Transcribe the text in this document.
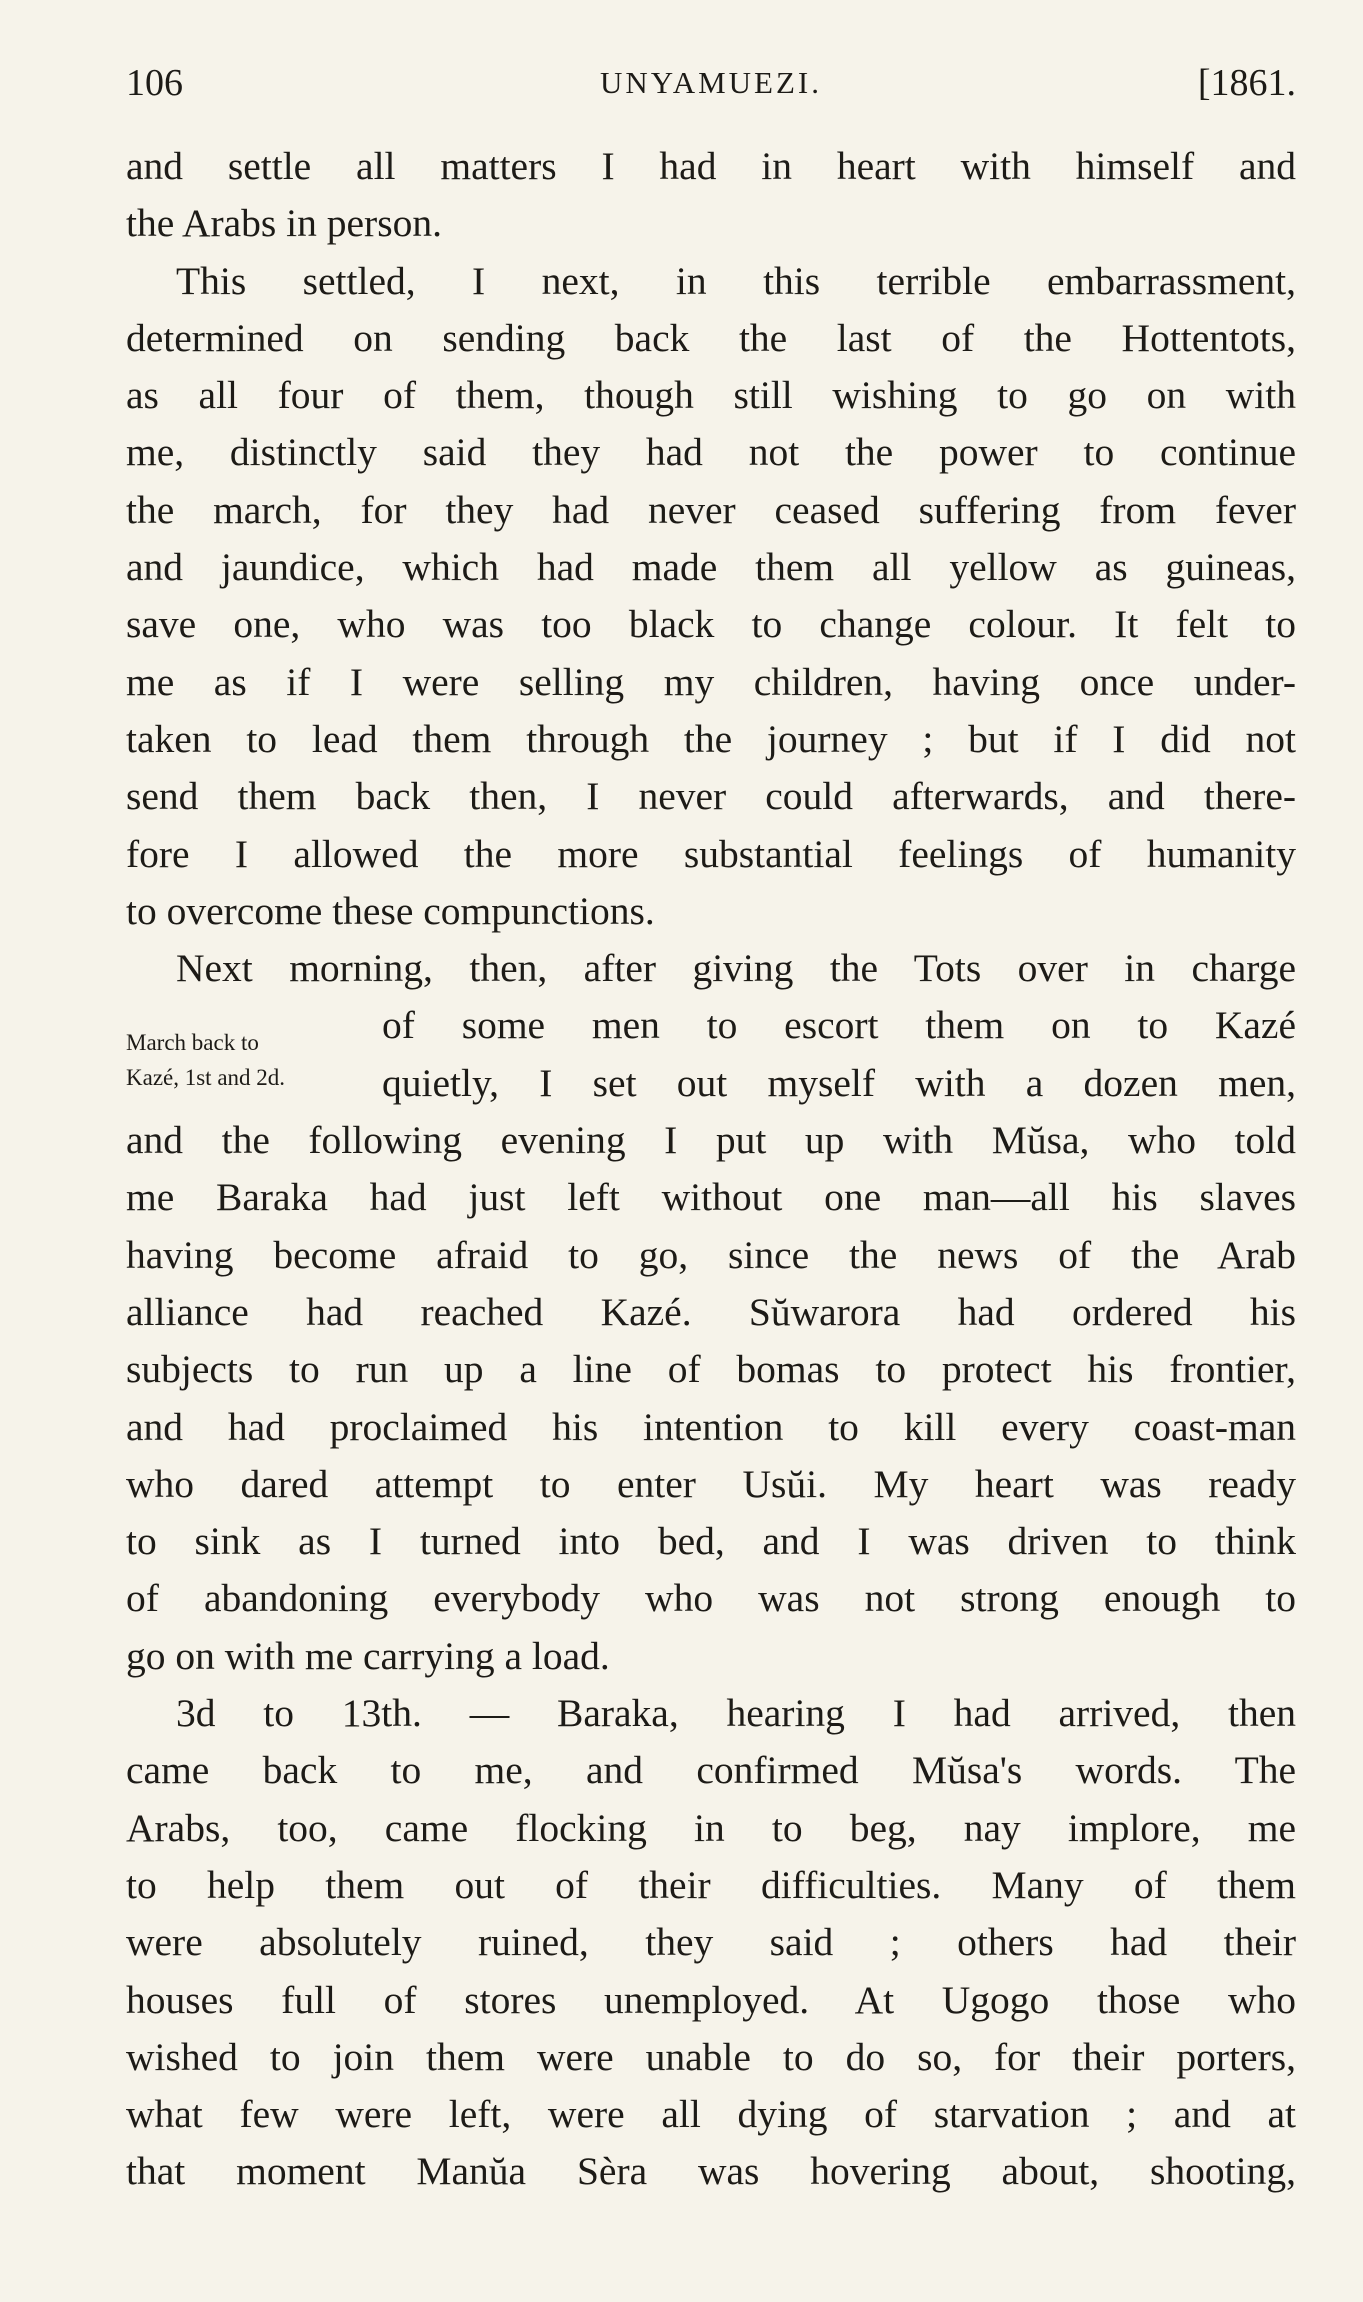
106	UNYAMUEZI.	[1861.
March back to
Kazé, 1st and 2d.
and settle all matters I had in heart with himself and
the Arabs in person.
This settled, I next, in this terrible embarrassment,
determined on sending back the last of the Hottentots,
as all four of them, though still wishing to go on with
me, distinctly said they had not the power to continue
the march, for they had never ceased suffering from fever
and jaundice, which had made them all yellow as guineas,
save one, who was too black to change colour. It felt to
me as if I were selling my children, having once under-
taken to lead them through the journey ; but if I did not
send them back then, I never could afterwards, and there-
fore I allowed the more substantial feelings of humanity
to overcome these compunctions.
Next morning, then, after giving the Tots over in charge
of some men to escort them on to Kazé
quietly, I set out myself with a dozen men,
and the following evening I put up with Mŭsa, who told
me Baraka had just left without one man—all his slaves
having become afraid to go, since the news of the Arab
alliance had reached Kazé. Sŭwarora had ordered his
subjects to run up a line of bomas to protect his frontier,
and had proclaimed his intention to kill every coast-man
who dared attempt to enter Usŭi. My heart was ready
to sink as I turned into bed, and I was driven to think
of abandoning everybody who was not strong enough to
go on with me carrying a load.
3d to 13th. — Baraka, hearing I had arrived, then
came back to me, and confirmed Mŭsa's words. The
Arabs, too, came flocking in to beg, nay implore, me
to help them out of their difficulties. Many of them
were absolutely ruined, they said ; others had their
houses full of stores unemployed. At Ugogo those who
wished to join them were unable to do so, for their porters,
what few were left, were all dying of starvation ; and at
that moment Manŭa Sèra was hovering about, shooting,
